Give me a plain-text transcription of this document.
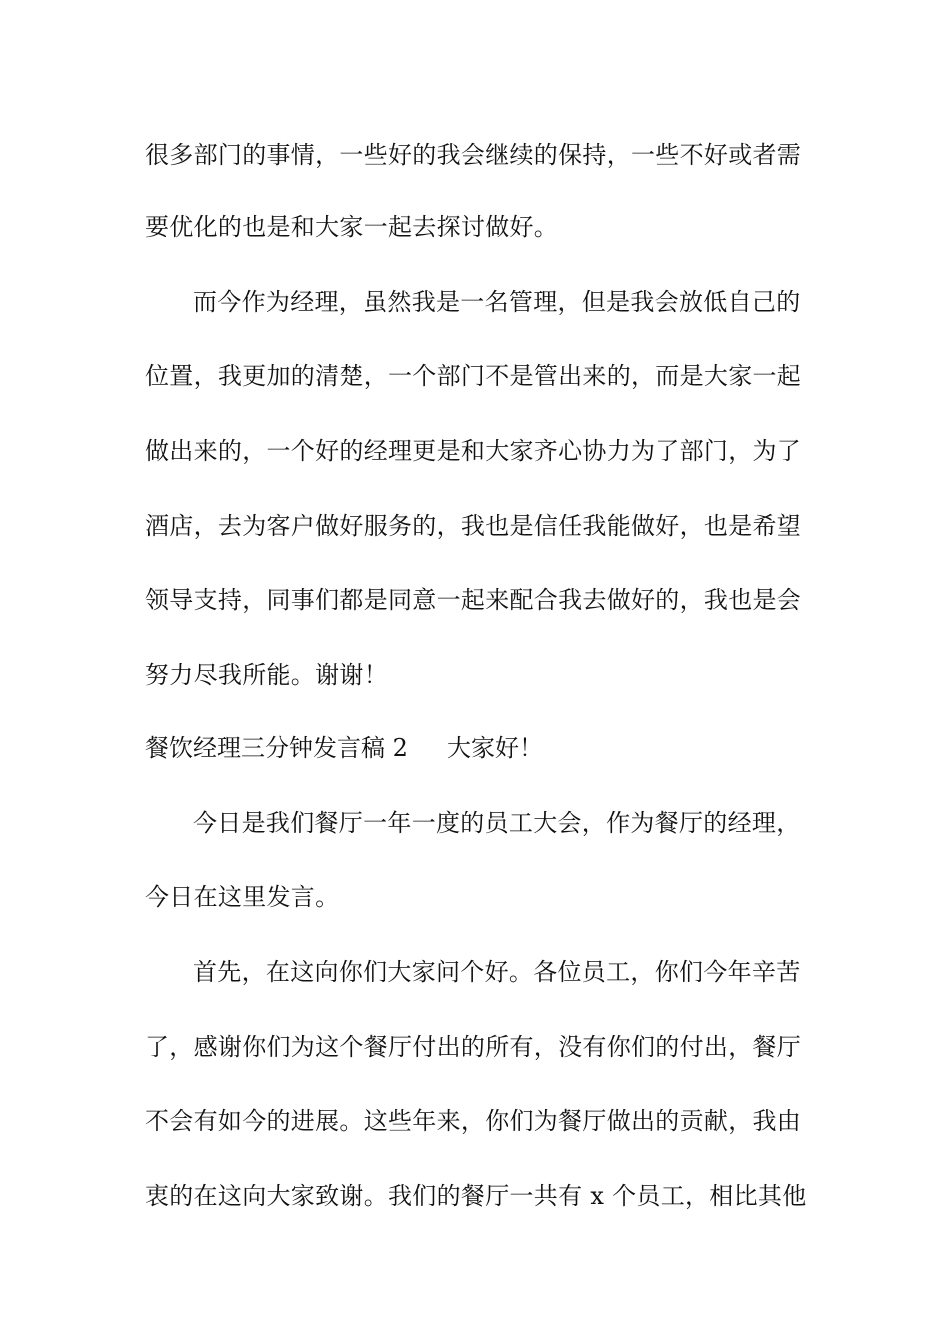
很多部门的事情，一些好的我会继续的保持，一些不好或者需
要优化的也是和大家一起去探讨做好。
而今作为经理，虽然我是一名管理，但是我会放低自己的
位置，我更加的清楚，一个部门不是管出来的，而是大家一起
做出来的，一个好的经理更是和大家齐心协力为了部门，为了
酒店，去为客户做好服务的，我也是信任我能做好，也是希望
领导支持，同事们都是同意一起来配合我去做好的，我也是会
努力尽我所能。谢谢！
餐饮经理三分钟发言稿 2 大家好！
今日是我们餐厅一年一度的员工大会，作为餐厅的经理，
今日在这里发言。
首先，在这向你们大家问个好。各位员工，你们今年辛苦
了，感谢你们为这个餐厅付出的所有，没有你们的付出，餐厅
不会有如今的进展。这些年来，你们为餐厅做出的贡献，我由
衷的在这向大家致谢。我们的餐厅一共有 x 个员工，相比其他
